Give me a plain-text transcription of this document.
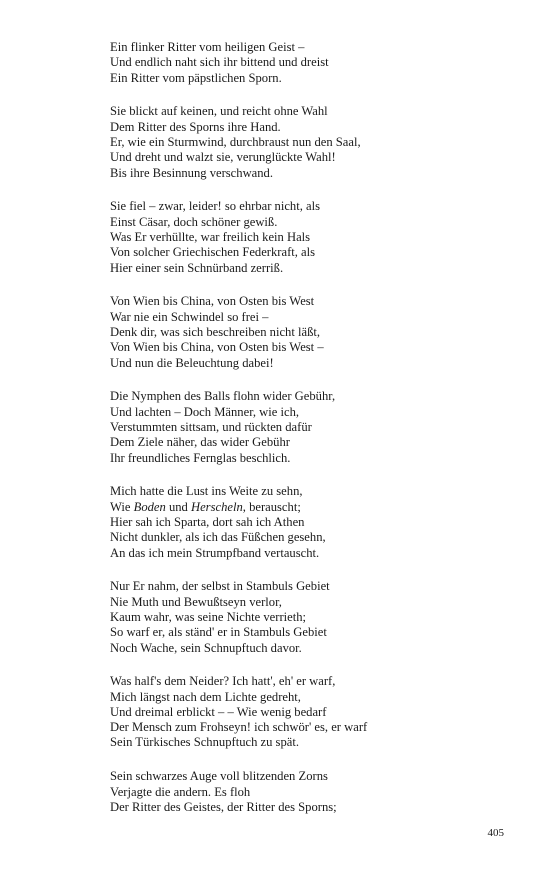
Ein flinker Ritter vom heiligen Geist –
Und endlich naht sich ihr bittend und dreist
Ein Ritter vom päpstlichen Sporn.
Sie blickt auf keinen, und reicht ohne Wahl
Dem Ritter des Sporns ihre Hand.
Er, wie ein Sturmwind, durchbraust nun den Saal,
Und dreht und walzt sie, verunglückte Wahl!
Bis ihre Besinnung verschwand.
Sie fiel – zwar, leider! so ehrbar nicht, als
Einst Cäsar, doch schöner gewiß.
Was Er verhüllte, war freilich kein Hals
Von solcher Griechischen Federkraft, als
Hier einer sein Schnürband zerriß.
Von Wien bis China, von Osten bis West
War nie ein Schwindel so frei –
Denk dir, was sich beschreiben nicht läßt,
Von Wien bis China, von Osten bis West –
Und nun die Beleuchtung dabei!
Die Nymphen des Balls flohn wider Gebühr,
Und lachten – Doch Männer, wie ich,
Verstummten sittsam, und rückten dafür
Dem Ziele näher, das wider Gebühr
Ihr freundliches Fernglas beschlich.
Mich hatte die Lust ins Weite zu sehn,
Wie Boden und Herscheln, berauscht;
Hier sah ich Sparta, dort sah ich Athen
Nicht dunkler, als ich das Füßchen gesehn,
An das ich mein Strumpfband vertauscht.
Nur Er nahm, der selbst in Stambuls Gebiet
Nie Muth und Bewußtseyn verlor,
Kaum wahr, was seine Nichte verrieth;
So warf er, als ständ' er in Stambuls Gebiet
Noch Wache, sein Schnupftuch davor.
Was half's dem Neider? Ich hatt', eh' er warf,
Mich längst nach dem Lichte gedreht,
Und dreimal erblickt – – Wie wenig bedarf
Der Mensch zum Frohseyn! ich schwör' es, er warf
Sein Türkisches Schnupftuch zu spät.
Sein schwarzes Auge voll blitzenden Zorns
Verjagte die andern. Es floh
Der Ritter des Geistes, der Ritter des Sporns;
405
